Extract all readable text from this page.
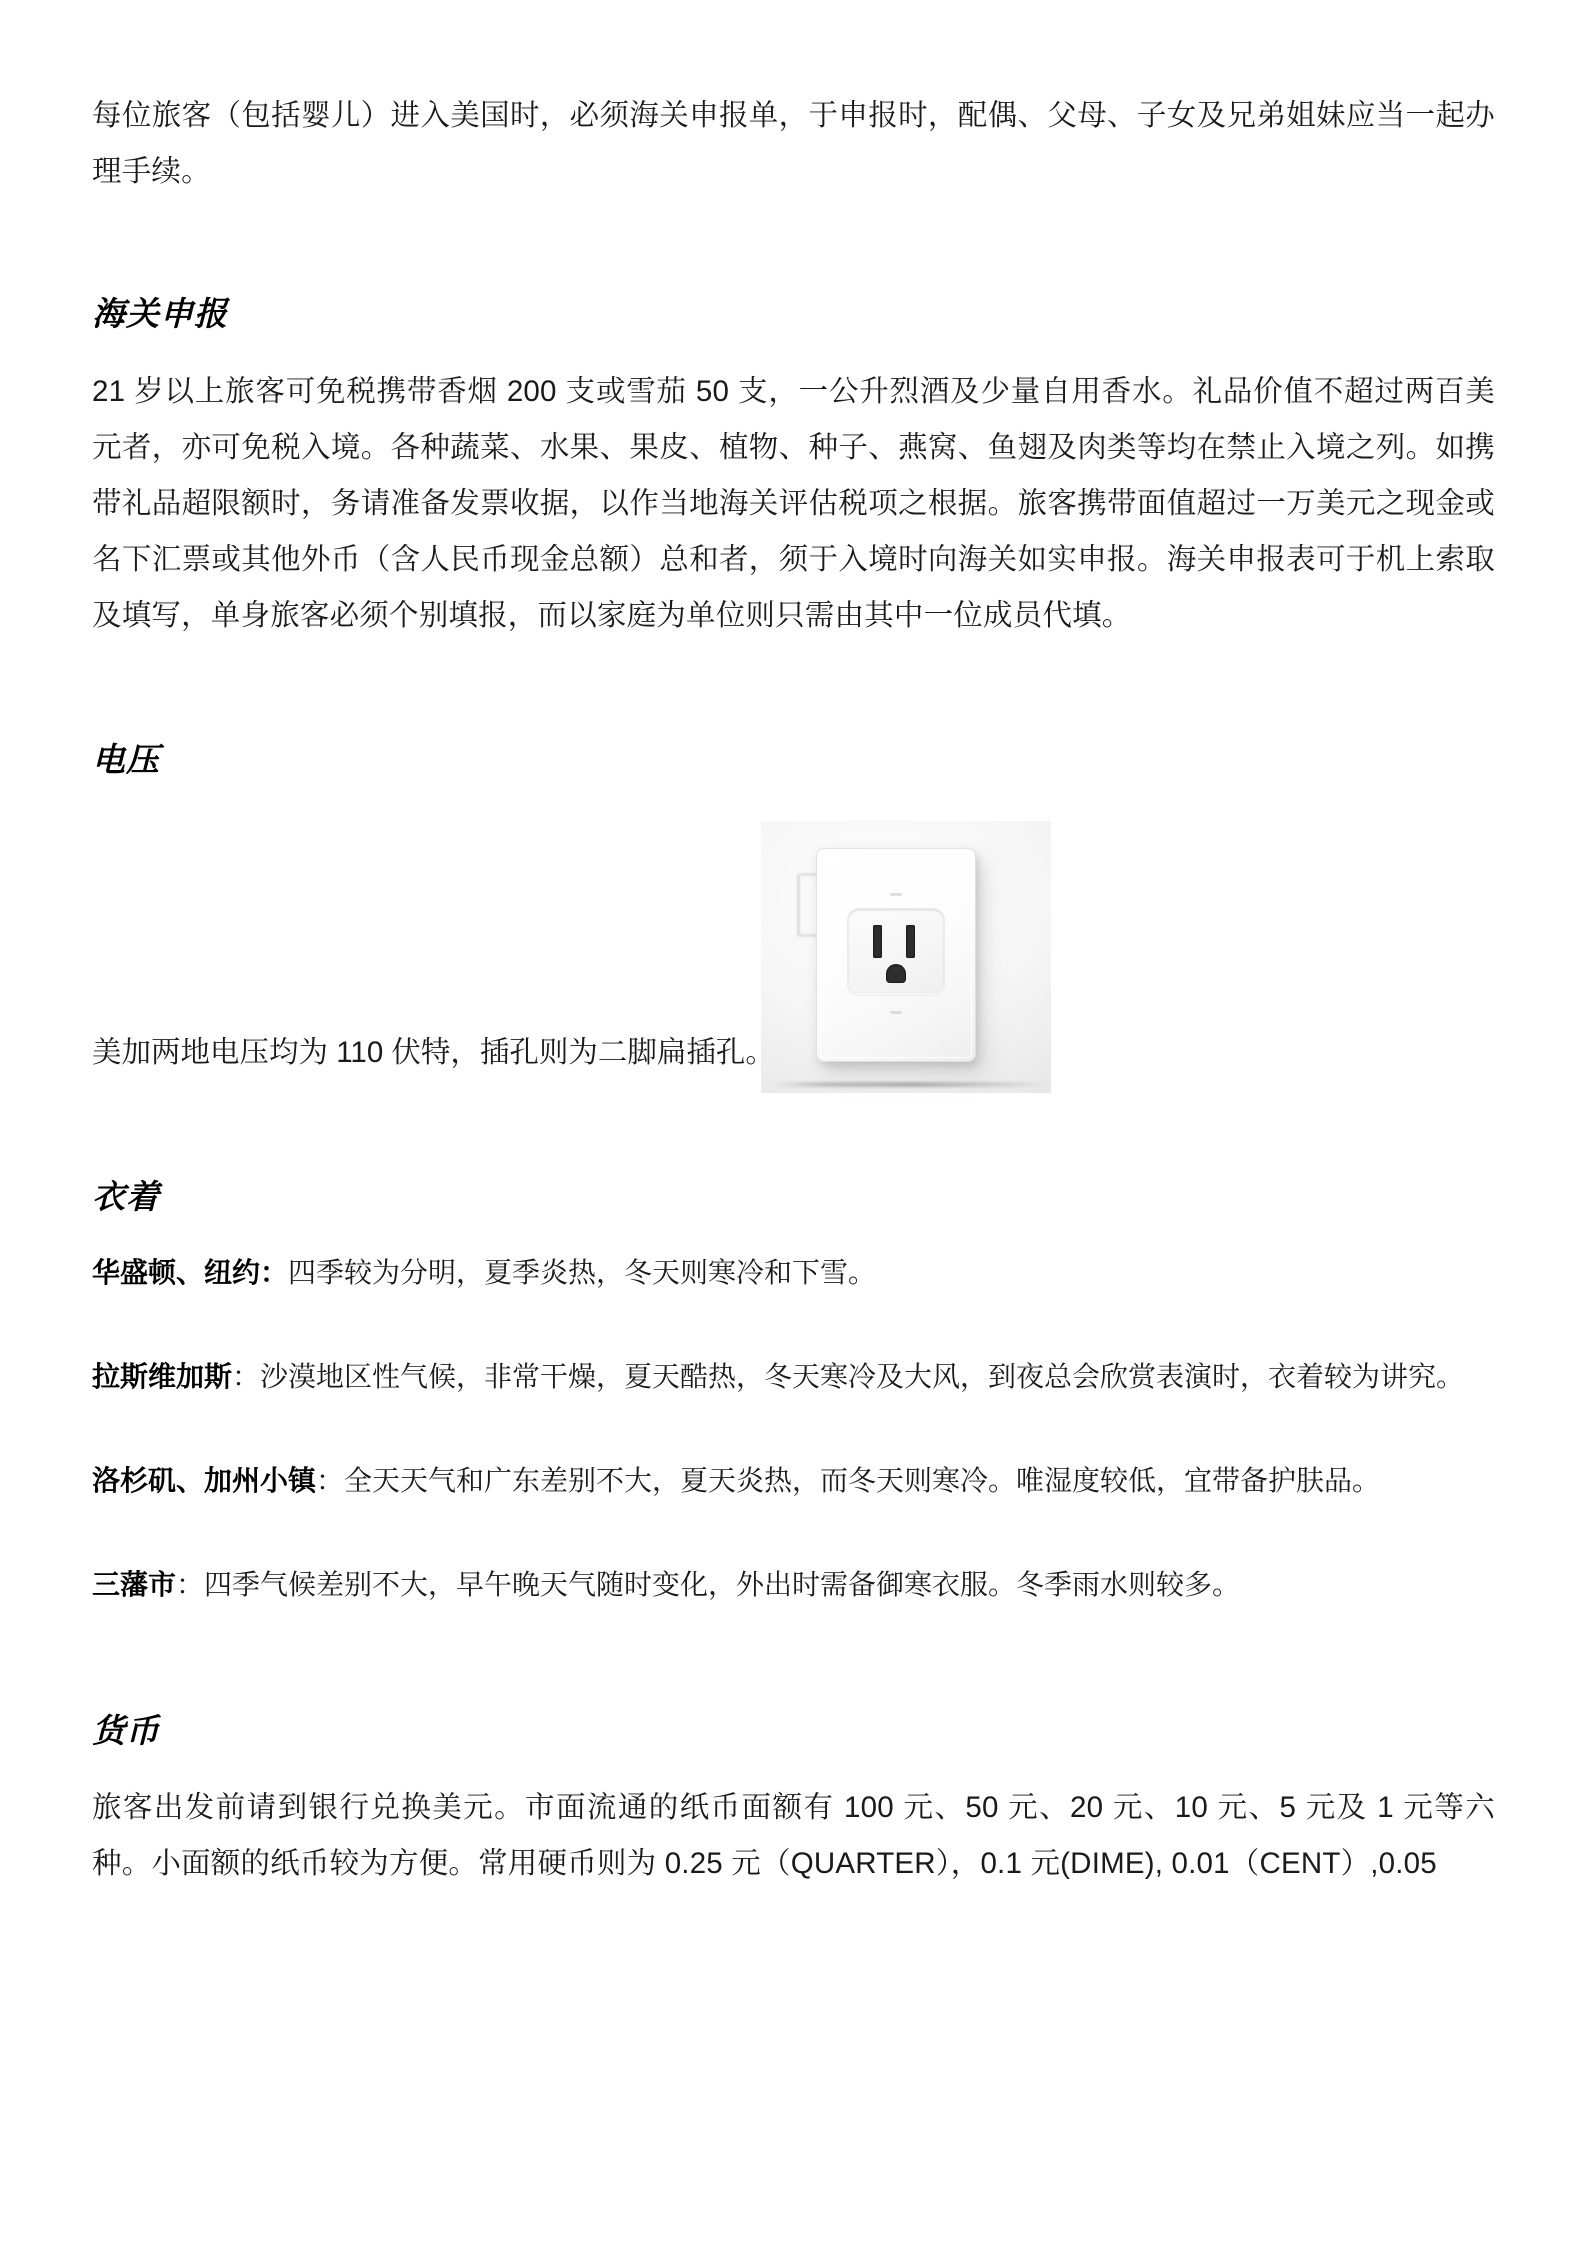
每位旅客（包括婴儿）进入美国时，必须海关申报单，于申报时，配偶、父母、子女及兄弟姐妹应当一起办理手续。

海关申报

21 岁以上旅客可免税携带香烟 200 支或雪茄 50 支，一公升烈酒及少量自用香水。礼品价值不超过两百美元者，亦可免税入境。各种蔬菜、水果、果皮、植物、种子、燕窝、鱼翅及肉类等均在禁止入境之列。如携带礼品超限额时，务请准备发票收据，以作当地海关评估税项之根据。旅客携带面值超过一万美元之现金或名下汇票或其他外币（含人民币现金总额）总和者，须于入境时向海关如实申报。海关申报表可于机上索取及填写，单身旅客必须个别填报，而以家庭为单位则只需由其中一位成员代填。

电压

美加两地电压均为 110 伏特，插孔则为二脚扁插孔。

衣着

华盛顿、纽约：四季较为分明，夏季炎热，冬天则寒冷和下雪。

拉斯维加斯：沙漠地区性气候，非常干燥，夏天酷热，冬天寒冷及大风，到夜总会欣赏表演时，衣着较为讲究。

洛杉矶、加州小镇：全天天气和广东差别不大，夏天炎热，而冬天则寒冷。唯湿度较低，宜带备护肤品。

三藩市：四季气候差别不大，早午晚天气随时变化，外出时需备御寒衣服。冬季雨水则较多。

货币

旅客出发前请到银行兑换美元。市面流通的纸币面额有 100 元、50 元、20 元、10 元、5 元及 1 元等六种。小面额的纸币较为方便。常用硬币则为 0.25 元（QUARTER），0.1 元(DIME), 0.01（CENT）,0.05
